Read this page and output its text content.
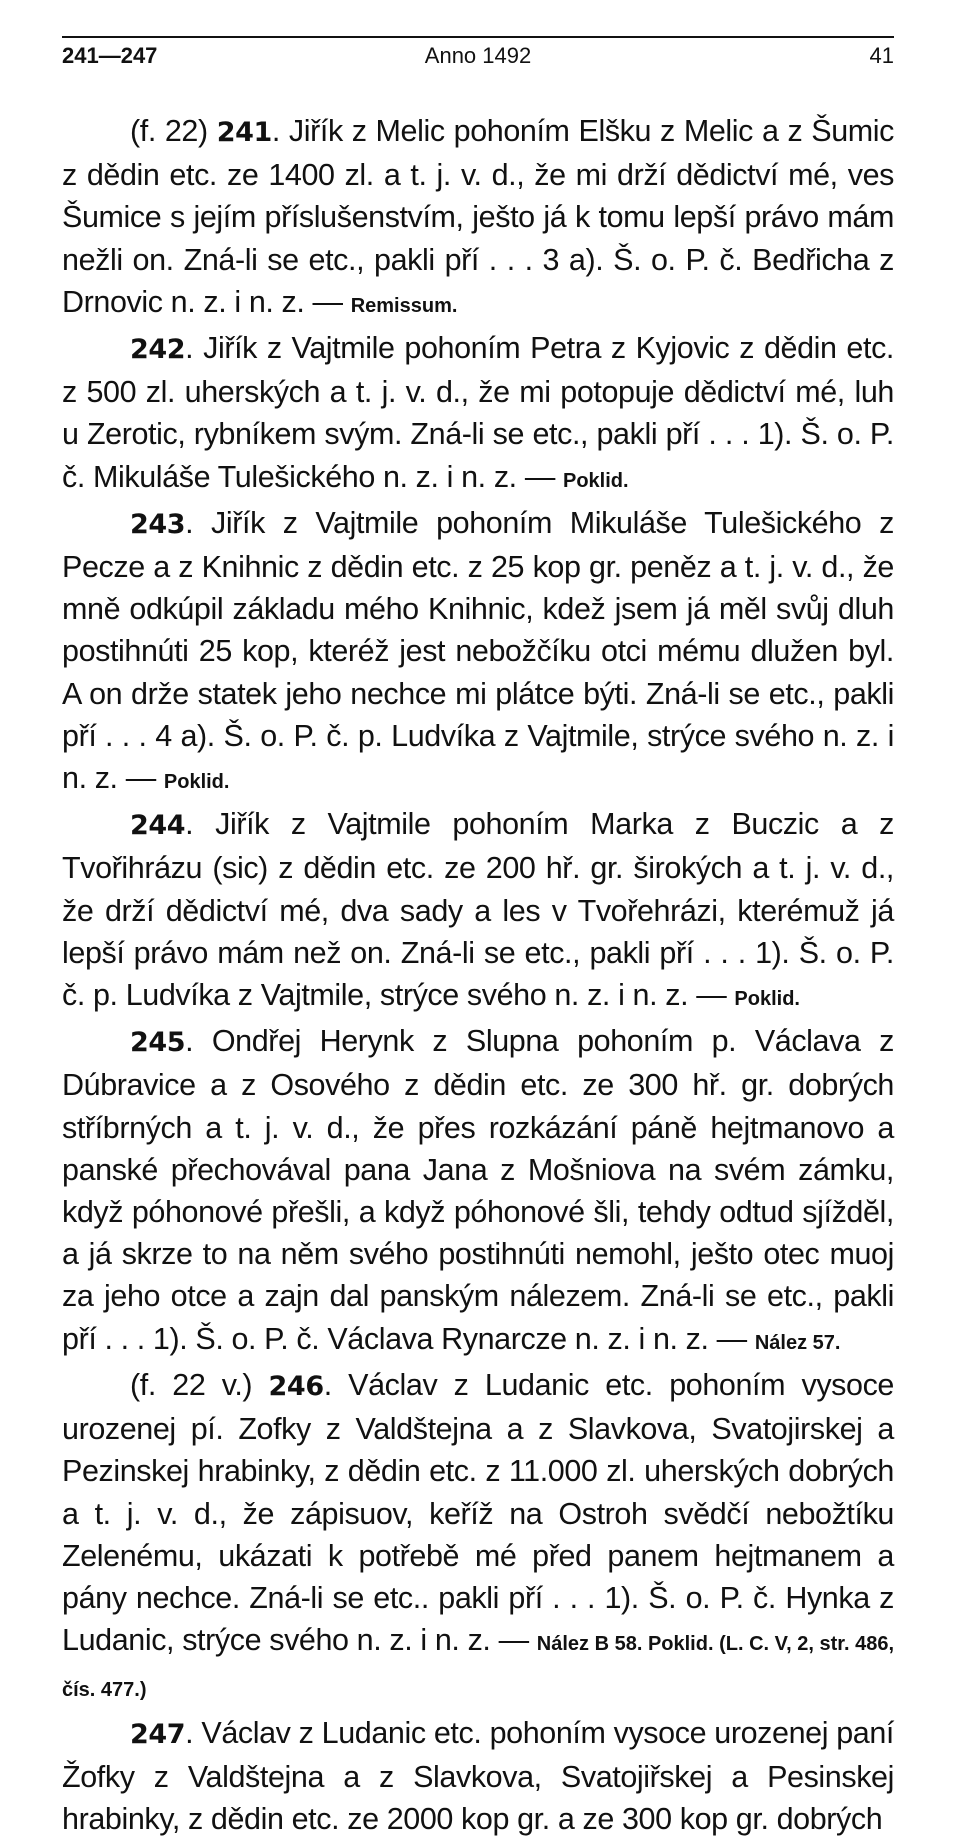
241—247	Anno 1492	41

(f. 22) 241. Jiřík z Melic pohoním Elšku z Melic a z Šumic z dědin etc. ze 1400 zl. a t. j. v. d., že mi drží dědictví mé, ves Šumice s jejím příslušenstvím, ješto já k tomu lepší právo mám nežli on. Zná-li se etc., pakli pří . . . 3 a). Š. o. P. č. Bedřicha z Drnovic n. z. i n. z. — Remissum.

242. Jiřík z Vajtmile pohoním Petra z Kyjovic z dědin etc. z 500 zl. uherských a t. j. v. d., že mi potopuje dědictví mé, luh u Zerotic, rybníkem svým. Zná-li se etc., pakli pří . . . 1). Š. o. P. č. Mikuláše Tulešického n. z. i n. z. — Poklid.

243. Jiřík z Vajtmile pohoním Mikuláše Tulešického z Pecze a z Knihnic z dědin etc. z 25 kop gr. peněz a t. j. v. d., že mně odkúpil základu mého Knihnic, kdež jsem já měl svůj dluh postihnúti 25 kop, kteréž jest nebožčíku otci mému dlužen byl. A on drže statek jeho nechce mi plátce býti. Zná-li se etc., pakli pří . . . 4 a). Š. o. P. č. p. Ludvíka z Vajtmile, strýce svého n. z. i n. z. — Poklid.

244. Jiřík z Vajtmile pohoním Marka z Buczic a z Tvořihrázu (sic) z dědin etc. ze 200 hř. gr. širokých a t. j. v. d., že drží dědictví mé, dva sady a les v Tvořehrázi, kterémuž já lepší právo mám než on. Zná-li se etc., pakli pří . . . 1). Š. o. P. č. p. Ludvíka z Vajtmile, strýce svého n. z. i n. z. — Poklid.

245. Ondřej Herynk z Slupna pohoním p. Václava z Dúbravice a z Osového z dědin etc. ze 300 hř. gr. dobrých stříbrných a t. j. v. d., že přes rozkázání páně hejtmanovo a panské přechovával pana Jana z Mošniova na svém zámku, když póhonové přešli, a když póhonové šli, tehdy odtud sjíždĕl, a já skrze to na něm svého postihnúti nemohl, ješto otec muoj za jeho otce a zajn dal panským nálezem. Zná-li se etc., pakli pří . . . 1). Š. o. P. č. Václava Rynarcze n. z. i n. z. — Nález 57.

(f. 22 v.) 246. Václav z Ludanic etc. pohoním vysoce urozenej pí. Zofky z Valdštejna a z Slavkova, Svatojirskej a Pezinskej hrabinky, z dědin etc. z 11.000 zl. uherských dobrých a t. j. v. d., že zápisuov, keříž na Ostroh svědčí nebožtíku Zelenému, ukázati k potřebě mé před panem hejtmanem a pány nechce. Zná-li se etc.. pakli pří . . . 1). Š. o. P. č. Hynka z Ludanic, strýce svého n. z. i n. z. — Nález B 58. Poklid. (L. C. V, 2, str. 486, čís. 477.)

247. Václav z Ludanic etc. pohoním vysoce urozenej paní Žofky z Valdštejna a z Slavkova, Svatojiřskej a Pesinskej hrabinky, z dědin etc. ze 2000 kop gr. a ze 300 kop gr. dobrých
